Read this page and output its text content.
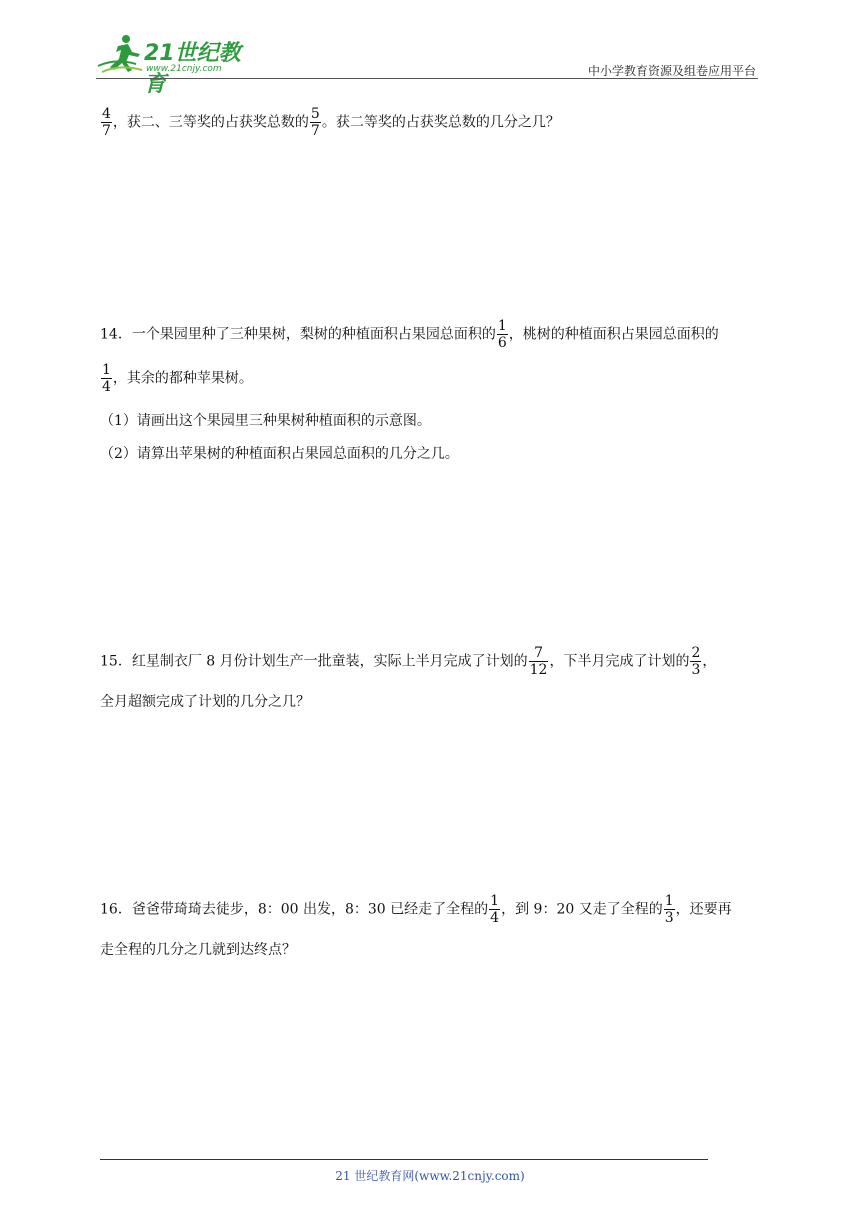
21世纪教育
www.21cnjy.com	中小学教育资源及组卷应用平台
$\frac{4}{7}$ ，获二、三等奖的占获奖总数的 $\frac{5}{7}$ 。获二等奖的占获奖总数的几分之几？
14．一个果园里种了三种果树，梨树的种植面积占果园总面积的 $\frac{1}{6}$ ，桃树的种植面积占果园总面积的
$\frac{1}{4}$ ，其余的都种苹果树。
（1）请画出这个果园里三种果树种植面积的示意图。
（2）请算出苹果树的种植面积占果园总面积的几分之几。
15．红星制衣厂 8 月份计划生产一批童装，实际上半月完成了计划的 $\frac{7}{12}$ ，下半月完成了计划的 $\frac{2}{3}$ ，
全月超额完成了计划的几分之几？
16．爸爸带琦琦去徒步，8：00 出发，8：30 已经走了全程的 $\frac{1}{4}$ ，到 9：20 又走了全程的 $\frac{1}{3}$ ，还要再
走全程的几分之几就到达终点？
21 世纪教育网(www.21cnjy.com)
